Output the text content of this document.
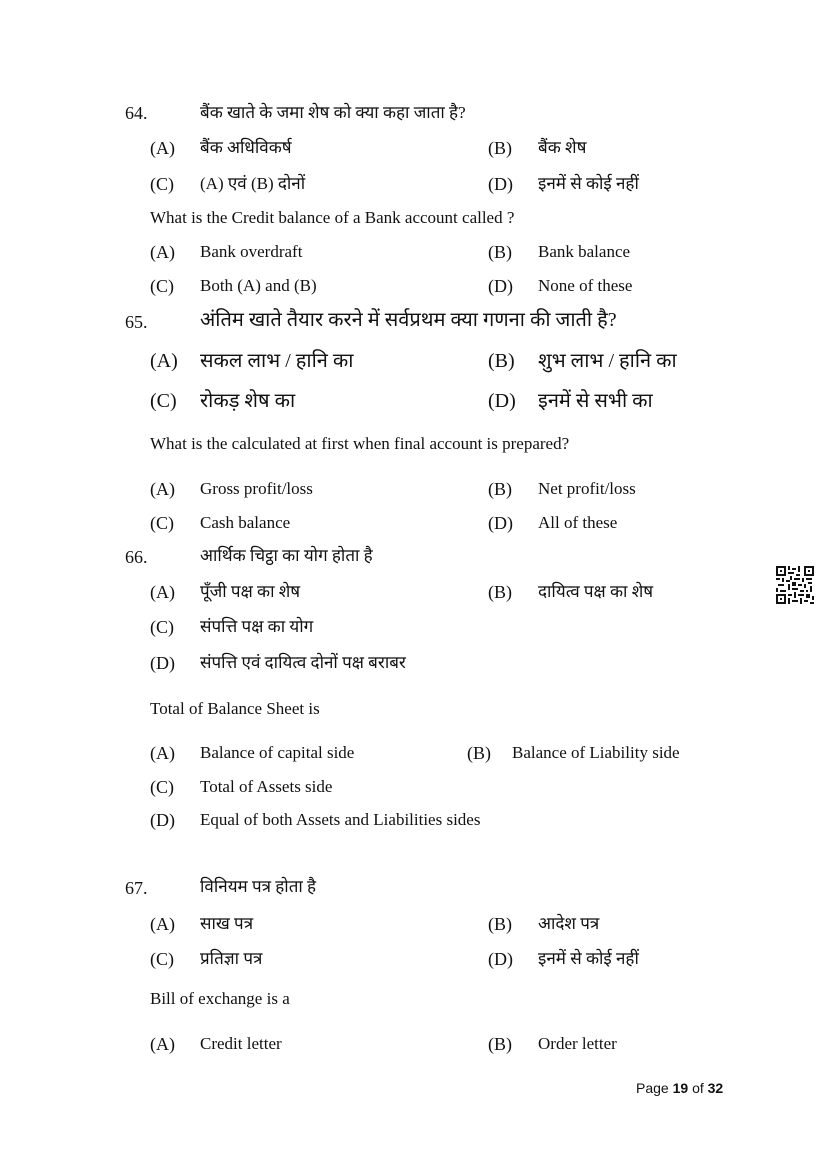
64.	बैंक खाते के जमा शेष को क्या कहा जाता है?
(A) बैंक अधिविकर्ष	(B) बैंक शेष
(C) (A) एवं (B) दोनों	(D) इनमें से कोई नहीं
What is the Credit balance of a Bank account called ?
(A) Bank overdraft	(B) Bank balance
(C) Both (A) and (B)	(D) None of these
65.	अंतिम खाते तैयार करने में सर्वप्रथम क्या गणना की जाती है?
(A) सकल लाभ / हानि का	(B) शुभ लाभ / हानि का
(C) रोकड़ शेष का	(D) इनमें से सभी का
What is the calculated at first when final account is prepared?
(A) Gross profit/loss	(B) Net profit/loss
(C) Cash balance	(D) All of these
66.	आर्थिक चिट्ठा का योग होता है
(A) पूँजी पक्ष का शेष	(B) दायित्व पक्ष का शेष
(C) संपत्ति पक्ष का योग
(D) संपत्ति एवं दायित्व दोनों पक्ष बराबर
Total of Balance Sheet is
(A) Balance of capital side	(B) Balance of Liability side
(C) Total of Assets side
(D) Equal of both Assets and Liabilities sides
67.	विनियम पत्र होता है
(A) साख पत्र	(B) आदेश पत्र
(C) प्रतिज्ञा पत्र	(D) इनमें से कोई नहीं
Bill of exchange is a
(A) Credit letter	(B) Order letter
Page 19 of 32
